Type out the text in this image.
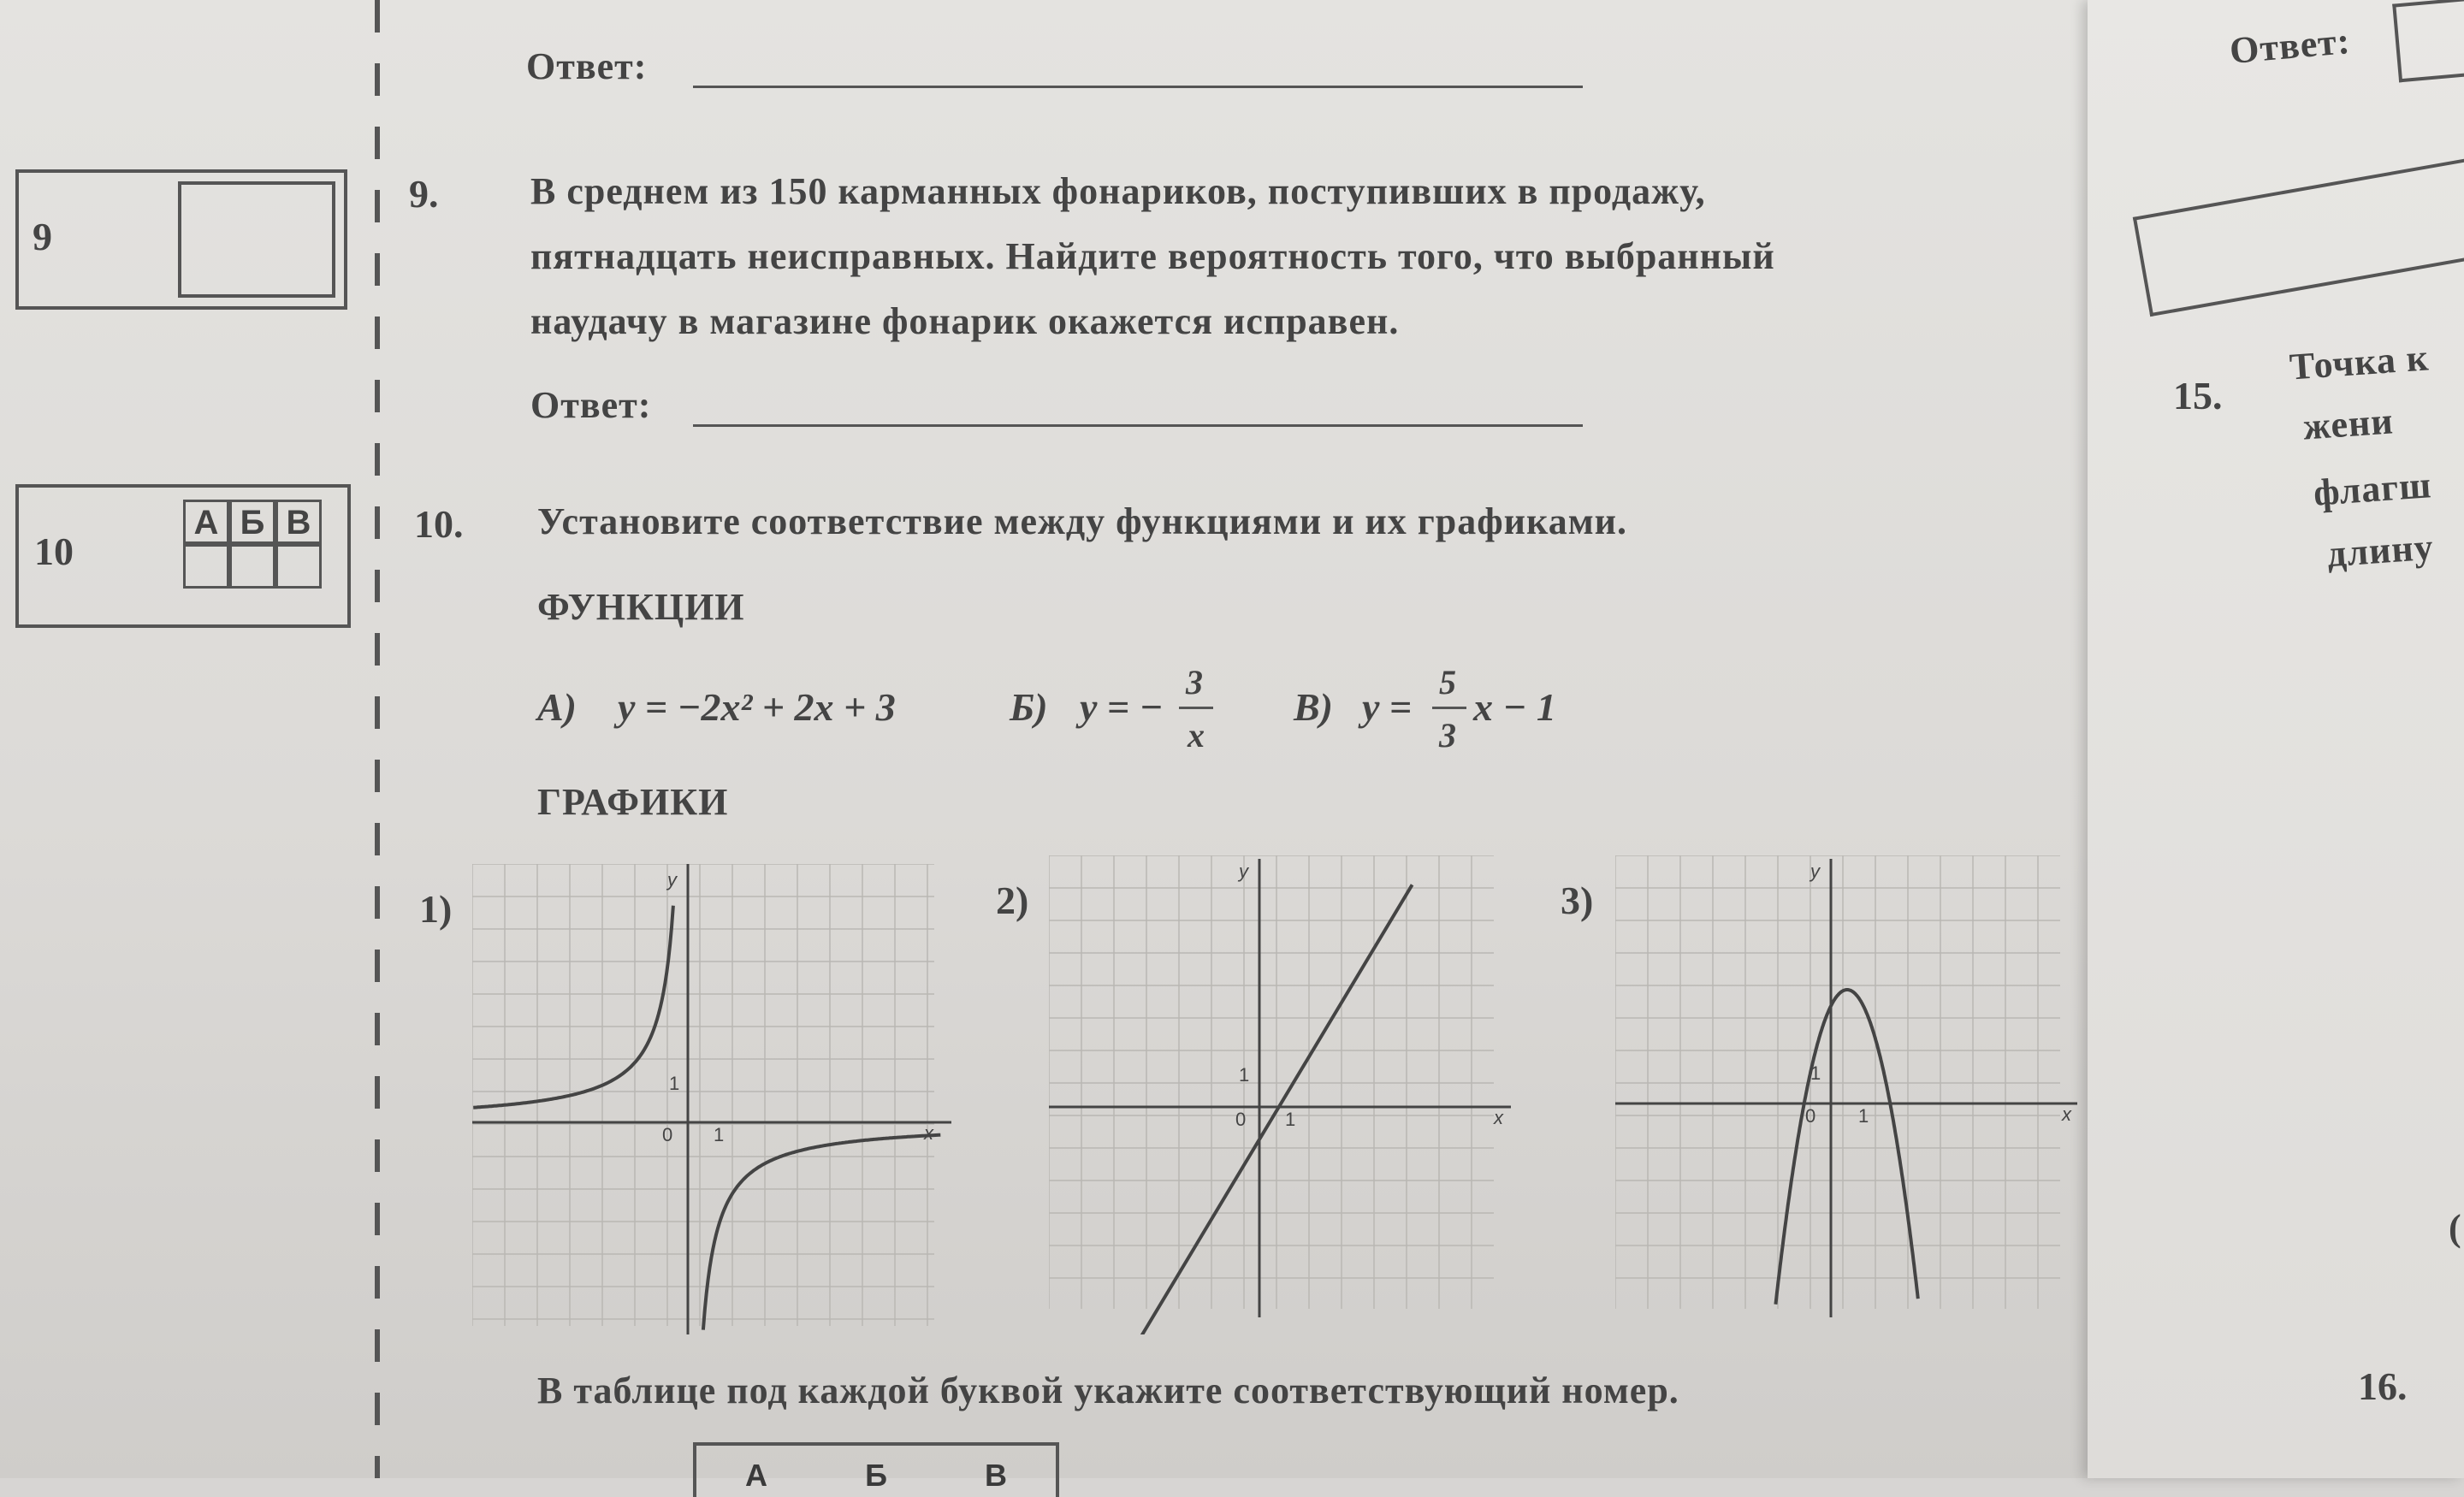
Ответ:
9
9. В среднем из 150 карманных фонариков, поступивших в продажу,
пятнадцать неисправных. Найдите вероятность того, что выбранный
наудачу в магазине фонарик окажется исправен.
Ответ:
10
А Б В	10. Установите соответствие между функциями и их графиками.
ФУНКЦИИ
А) y = −2x² + 2x + 3	Б) y = −
3
x
В) y =
5
3
x − 1
ГРАФИКИ
1)	2)	3)
x
y
0 1
1
x
y
0 1
1
x
y
0 1
1
В таблице под каждой буквой укажите соответствующий номер.
А	Б	В
Ответ:
15.
Точка к
жени
флагш
длину
16.
(
